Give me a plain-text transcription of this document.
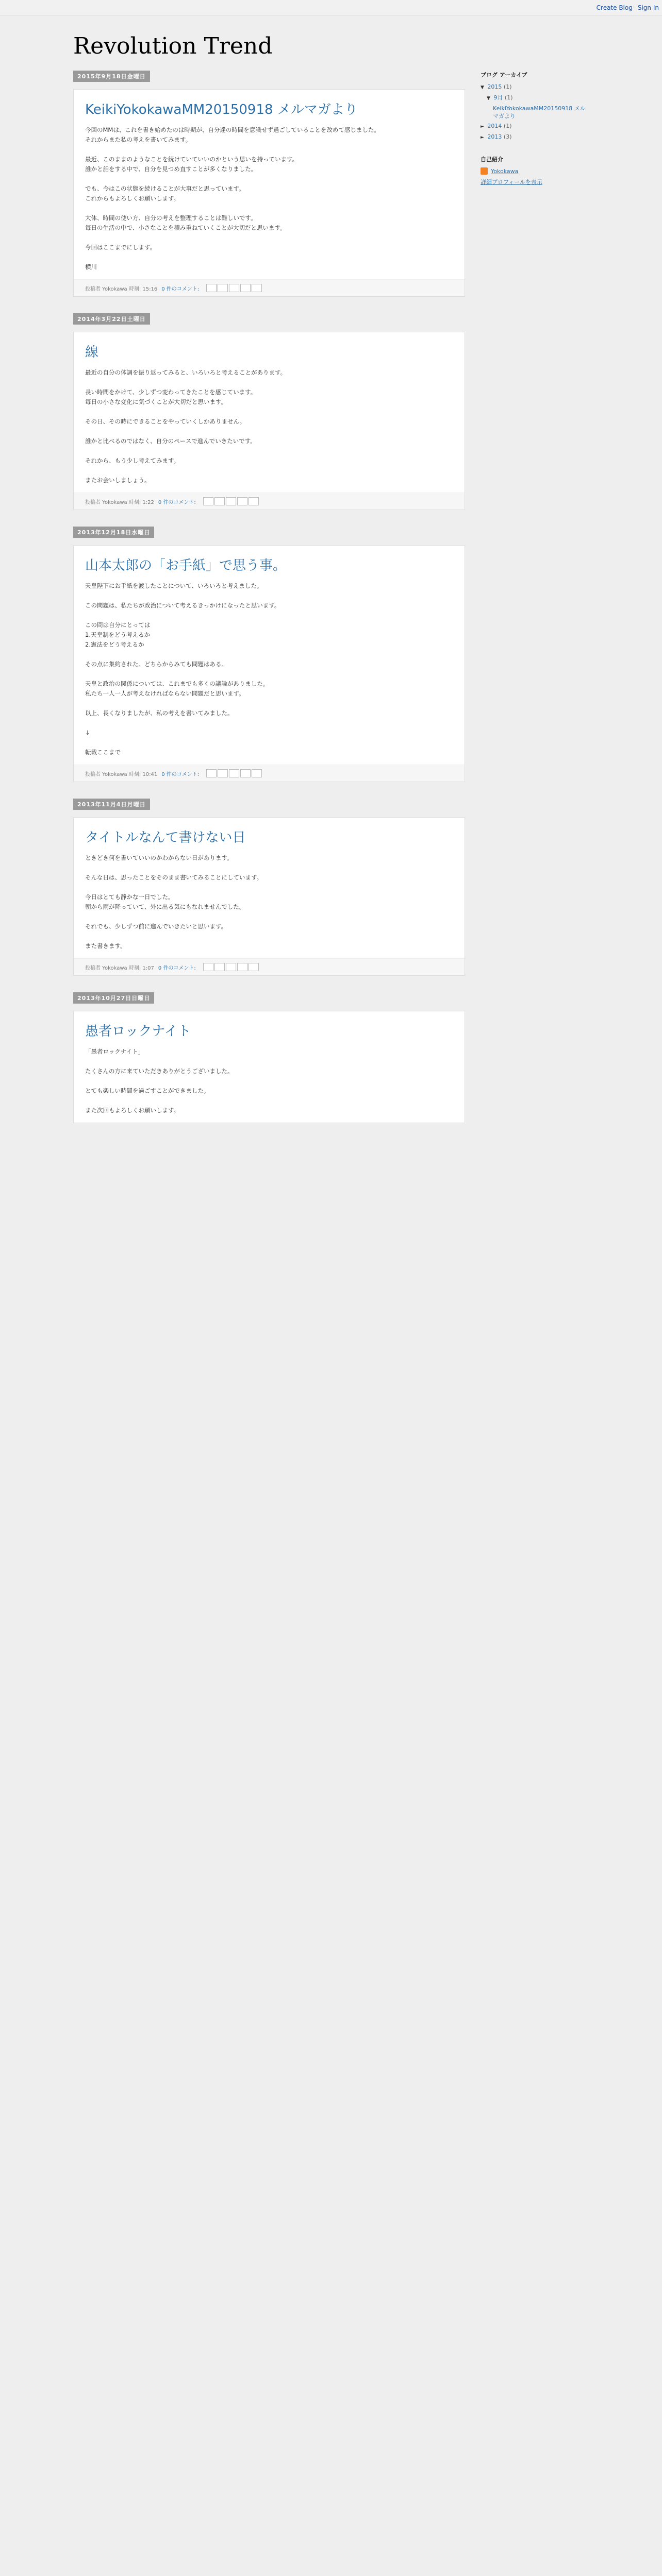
Create Blog Sign In
Revolution Trend
2015年9月18日金曜日
KeikiYokokawaMM20150918 メルマガより

今回のMMは、これを書き始めたのは時期が、自分達の時間を意識せず過ごしていることを改めて感じました。

それからまた私の考えを書いてみます。

最近、このままのようなことを続けていていいのかという思いを持っています。

誰かと話をする中で、自分を見つめ直すことが多くなりました。

でも、今はこの状態を続けることが大事だと思っています。

これからもよろしくお願いします。

大体、時間の使い方、自分の考えを整理することは難しいです。

毎日の生活の中で、小さなことを積み重ねていくことが大切だと思います。

今回はここまでにします。

横川

投稿者 Yokokawa 時刻: 15:16 0 件のコメント:
2014年3月22日土曜日
線

最近の自分の体調を振り返ってみると、いろいろと考えることがあります。

長い時間をかけて、少しずつ変わってきたことを感じています。

毎日の小さな変化に気づくことが大切だと思います。

その日、その時にできることをやっていくしかありません。

誰かと比べるのではなく、自分のペースで進んでいきたいです。

それから、もう少し考えてみます。

またお会いしましょう。

投稿者 Yokokawa 時刻: 1:22 0 件のコメント:
2013年12月18日水曜日
山本太郎の「お手紙」で思う事。

天皇陛下にお手紙を渡したことについて、いろいろと考えました。

この問題は、私たちが政治について考えるきっかけになったと思います。

この問は自分にとっては

1.天皇制をどう考えるか

2.憲法をどう考えるか

その点に集約された。どちらからみても問題はある。

天皇と政治の関係については、これまでも多くの議論がありました。

私たち一人一人が考えなければならない問題だと思います。

以上、長くなりましたが、私の考えを書いてみました。

↓

転載ここまで

投稿者 Yokokawa 時刻: 10:41 0 件のコメント:
2013年11月4日月曜日
タイトルなんて書けない日

ときどき何を書いていいのかわからない日があります。

そんな日は、思ったことをそのまま書いてみることにしています。

今日はとても静かな一日でした。

朝から雨が降っていて、外に出る気にもなれませんでした。

それでも、少しずつ前に進んでいきたいと思います。

また書きます。

投稿者 Yokokawa 時刻: 1:07 0 件のコメント:
2013年10月27日日曜日
愚者ロックナイト

「愚者ロックナイト」

たくさんの方に来ていただきありがとうございました。

とても楽しい時間を過ごすことができました。

また次回もよろしくお願いします。

ブログ アーカイブ
▼ 2015 (1)
▼ 9月 (1)
KeikiYokokawaMM20150918 メルマガより
► 2014 (1)
► 2013 (3)
自己紹介
Yokokawa
詳細プロフィールを表示
